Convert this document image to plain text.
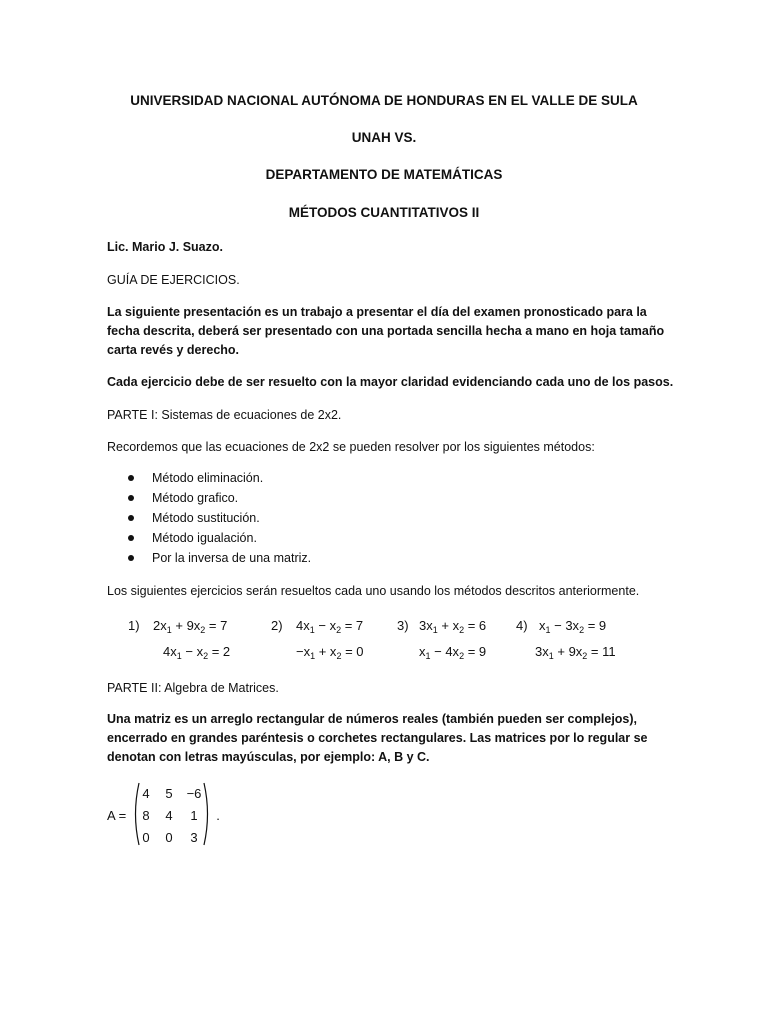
UNIVERSIDAD NACIONAL AUTÓNOMA DE HONDURAS EN EL VALLE DE SULA
UNAH VS.
DEPARTAMENTO DE MATEMÁTICAS
MÉTODOS CUANTITATIVOS II
Lic. Mario J. Suazo.
GUÍA DE EJERCICIOS.
La siguiente presentación es un trabajo a presentar el día del examen pronosticado para la fecha descrita, deberá ser presentado con una portada sencilla hecha a mano en hoja tamaño carta revés y derecho.
Cada ejercicio debe de ser resuelto con la mayor claridad evidenciando cada uno de los pasos.
PARTE I: Sistemas de ecuaciones de 2x2.
Recordemos que las ecuaciones de 2x2 se pueden resolver por los siguientes métodos:
Método eliminación.
Método grafico.
Método sustitución.
Método igualación.
Por la inversa de una matriz.
Los siguientes ejercicios serán resueltos cada uno usando los métodos descritos anteriormente.
1) $2x_1 + 9x_2 = 7$
$4x_1 - x_2 = 2$
2) $4x_1 - x_2 = 7$
$-x_1 + x_2 = 0$
3) $3x_1 + x_2 = 6$
$x_1 - 4x_2 = 9$
4) $x_1 - 3x_2 = 9$
$3x_1 + 9x_2 = 11$
PARTE II: Algebra de Matrices.
Una matriz es un arreglo rectangular de números reales (también pueden ser complejos), encerrado en grandes paréntesis o corchetes rectangulares. Las matrices por lo regular se denotan con letras mayúsculas, por ejemplo: A, B y C.
A =
4	5	−6
8	4	1
0	0	3
.
